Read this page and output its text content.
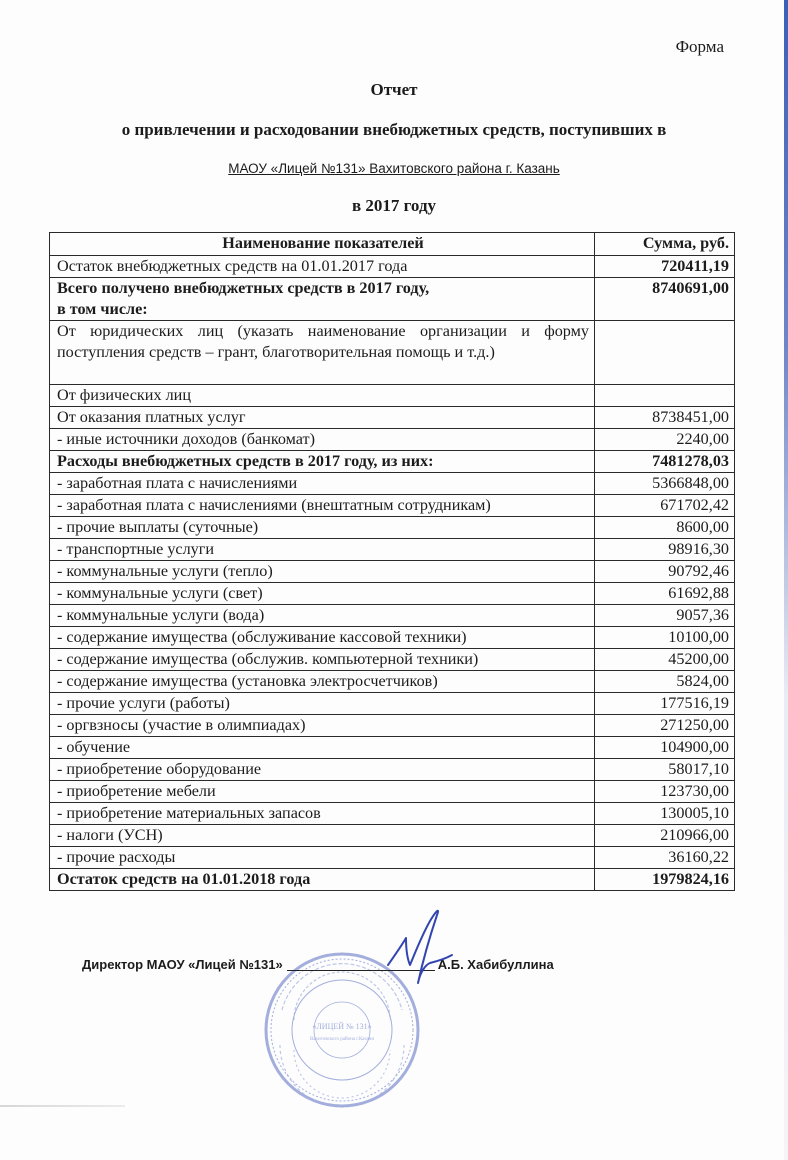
Форма
Отчет
о привлечении и расходовании внебюджетных средств, поступивших в
МАОУ «Лицей №131» Вахитовского района г. Казань
в 2017 году
Наименование показателей	Сумма, руб.
Остаток внебюджетных средств на 01.01.2017 года	720411,19

Всего получено внебюджетных средств в 2017 году,
в том числе:	8740691,00
От юридических лиц (указать наименование организации и форму поступления средств – грант, благотворительная помощь и т.д.)	
От физических лиц	
От оказания платных услуг	8738451,00
- иные источники доходов (банкомат)	2240,00
Расходы внебюджетных средств в 2017 году, из них:	7481278,03
- заработная плата с начислениями	5366848,00
- заработная плата с начислениями (внештатным сотрудникам)	671702,42
- прочие выплаты (суточные)	8600,00
- транспортные услуги	98916,30
- коммунальные услуги (тепло)	90792,46
- коммунальные услуги (свет)	61692,88
- коммунальные услуги (вода)	9057,36
- содержание имущества (обслуживание кассовой техники)	10100,00
- содержание имущества (обслужив. компьютерной техники)	45200,00
- содержание имущества (установка электросчетчиков)	5824,00
- прочие услуги (работы)	177516,19
- оргвзносы (участие в олимпиадах)	271250,00
- обучение	104900,00
- приобретение оборудование	58017,10
- приобретение мебели	123730,00
- приобретение материальных запасов	130005,10
- налоги (УСН)	210966,00
- прочие расходы	36160,22
Остаток средств на 01.01.2018 года	1979824,16
«ЛИЦЕЙ № 131»
Вахитовского района г.Казани
Директор МАОУ «Лицей №131»	А.Б. Хабибуллина
